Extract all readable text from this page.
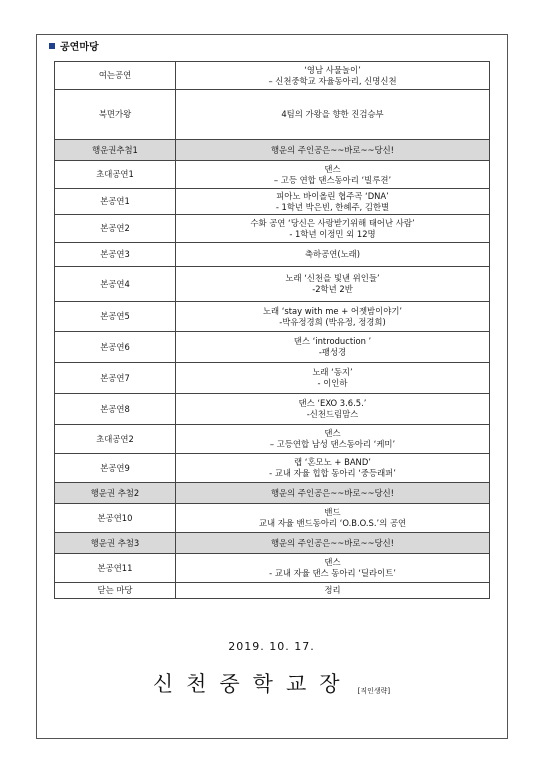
공연마당
여는공연	‘영남 사물놀이’
– 신천중학교 자율동아리, 신명신천

북면가왕	4팀의 가왕을 향한 진검승부

행운권추첨1	행운의 주인공은~~바로~~당신!

초대공연1	댄스
– 고등 연합 댄스동아리 ‘빌루젼’

본공연1	피아노 바이올린 협주곡 ‘DNA’
- 1학년 박은빈, 한혜주, 김한별

본공연2	수화 공연 ‘당신은 사랑받기위해 태어난 사람’
- 1학년 이정민 외 12명

본공연3	축하공연(노래)

본공연4	노래 ‘신천을 빛낸 위인들’
-2학년 2반

본공연5	노래 ‘stay with me + 어젯밤이야기’
-박유정경희 (박유정, 정경희)

본공연6	댄스 ‘introduction ’
-팽성경

본공연7	노래 ‘동지’
- 이인하

본공연8	댄스 ‘EXO 3.6.5.’
-신천드림맘스

초대공연2	댄스
– 고등연합 남성 댄스동아리 ‘케미’

본공연9	랩 ‘혼모노 + BAND’
- 교내 자율 힙합 동아리 ‘중등래퍼’

행운권 추첨2	행운의 주인공은~~바로~~당신!

본공연10	밴드
교내 자율 밴드동아리 ‘O.B.O.S.’의 공연

행운권 추첨3	행운의 주인공은~~바로~~당신!

본공연11	댄스
- 교내 자율 댄스 동아리 ‘딜라이트’

닫는 마당	정리
2019. 10. 17.
신천중학교장 [직인생략]
